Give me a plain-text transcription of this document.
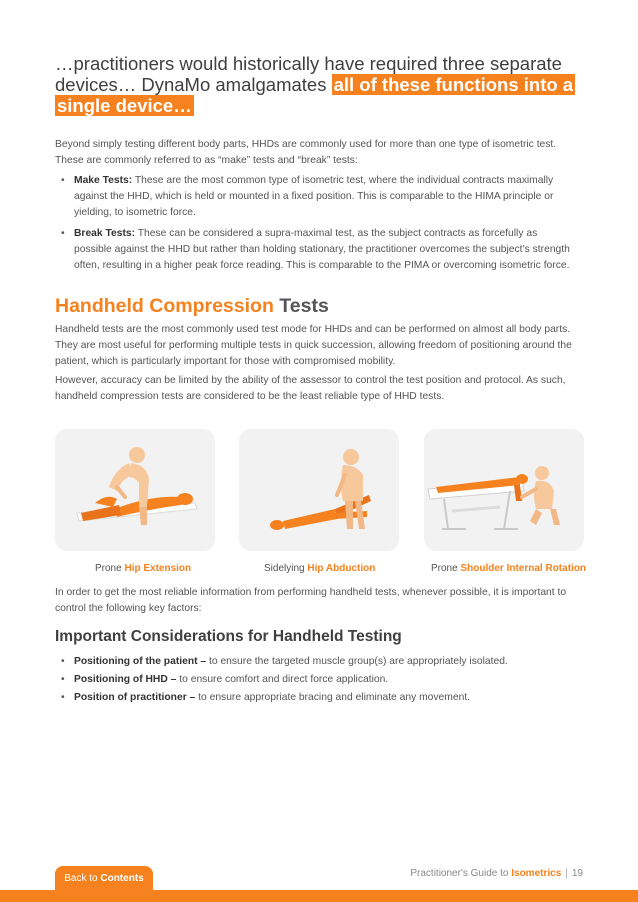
…practitioners would historically have required three separate devices… DynaMo amalgamates all of these functions into a single device…

Beyond simply testing different body parts, HHDs are commonly used for more than one type of isometric test. These are commonly referred to as “make” tests and “break” tests:

• Make Tests: These are the most common type of isometric test, where the individual contracts maximally against the HHD, which is held or mounted in a fixed position. This is comparable to the HIMA principle or yielding, to isometric force.
• Break Tests: These can be considered a supra-maximal test, as the subject contracts as forcefully as possible against the HHD but rather than holding stationary, the practitioner overcomes the subject’s strength often, resulting in a higher peak force reading. This is comparable to the PIMA or overcoming isometric force.
Handheld Compression Tests

Handheld tests are the most commonly used test mode for HHDs and can be performed on almost all body parts. They are most useful for performing multiple tests in quick succession, allowing freedom of positioning around the patient, which is particularly important for those with compromised mobility.

However, accuracy can be limited by the ability of the assessor to control the test position and protocol. As such, handheld compression tests are considered to be the least reliable type of HHD tests.

Prone Hip Extension	Sidelying Hip Abduction	Prone Shoulder Internal Rotation

In order to get the most reliable information from performing handheld tests, whenever possible, it is important to control the following key factors:

Important Considerations for Handheld Testing
• Positioning of the patient – to ensure the targeted muscle group(s) are appropriately isolated.
• Positioning of HHD – to ensure comfort and direct force application.
• Position of practitioner – to ensure appropriate bracing and eliminate any movement.
Back to Contents	Practitioner's Guide to Isometrics | 19
